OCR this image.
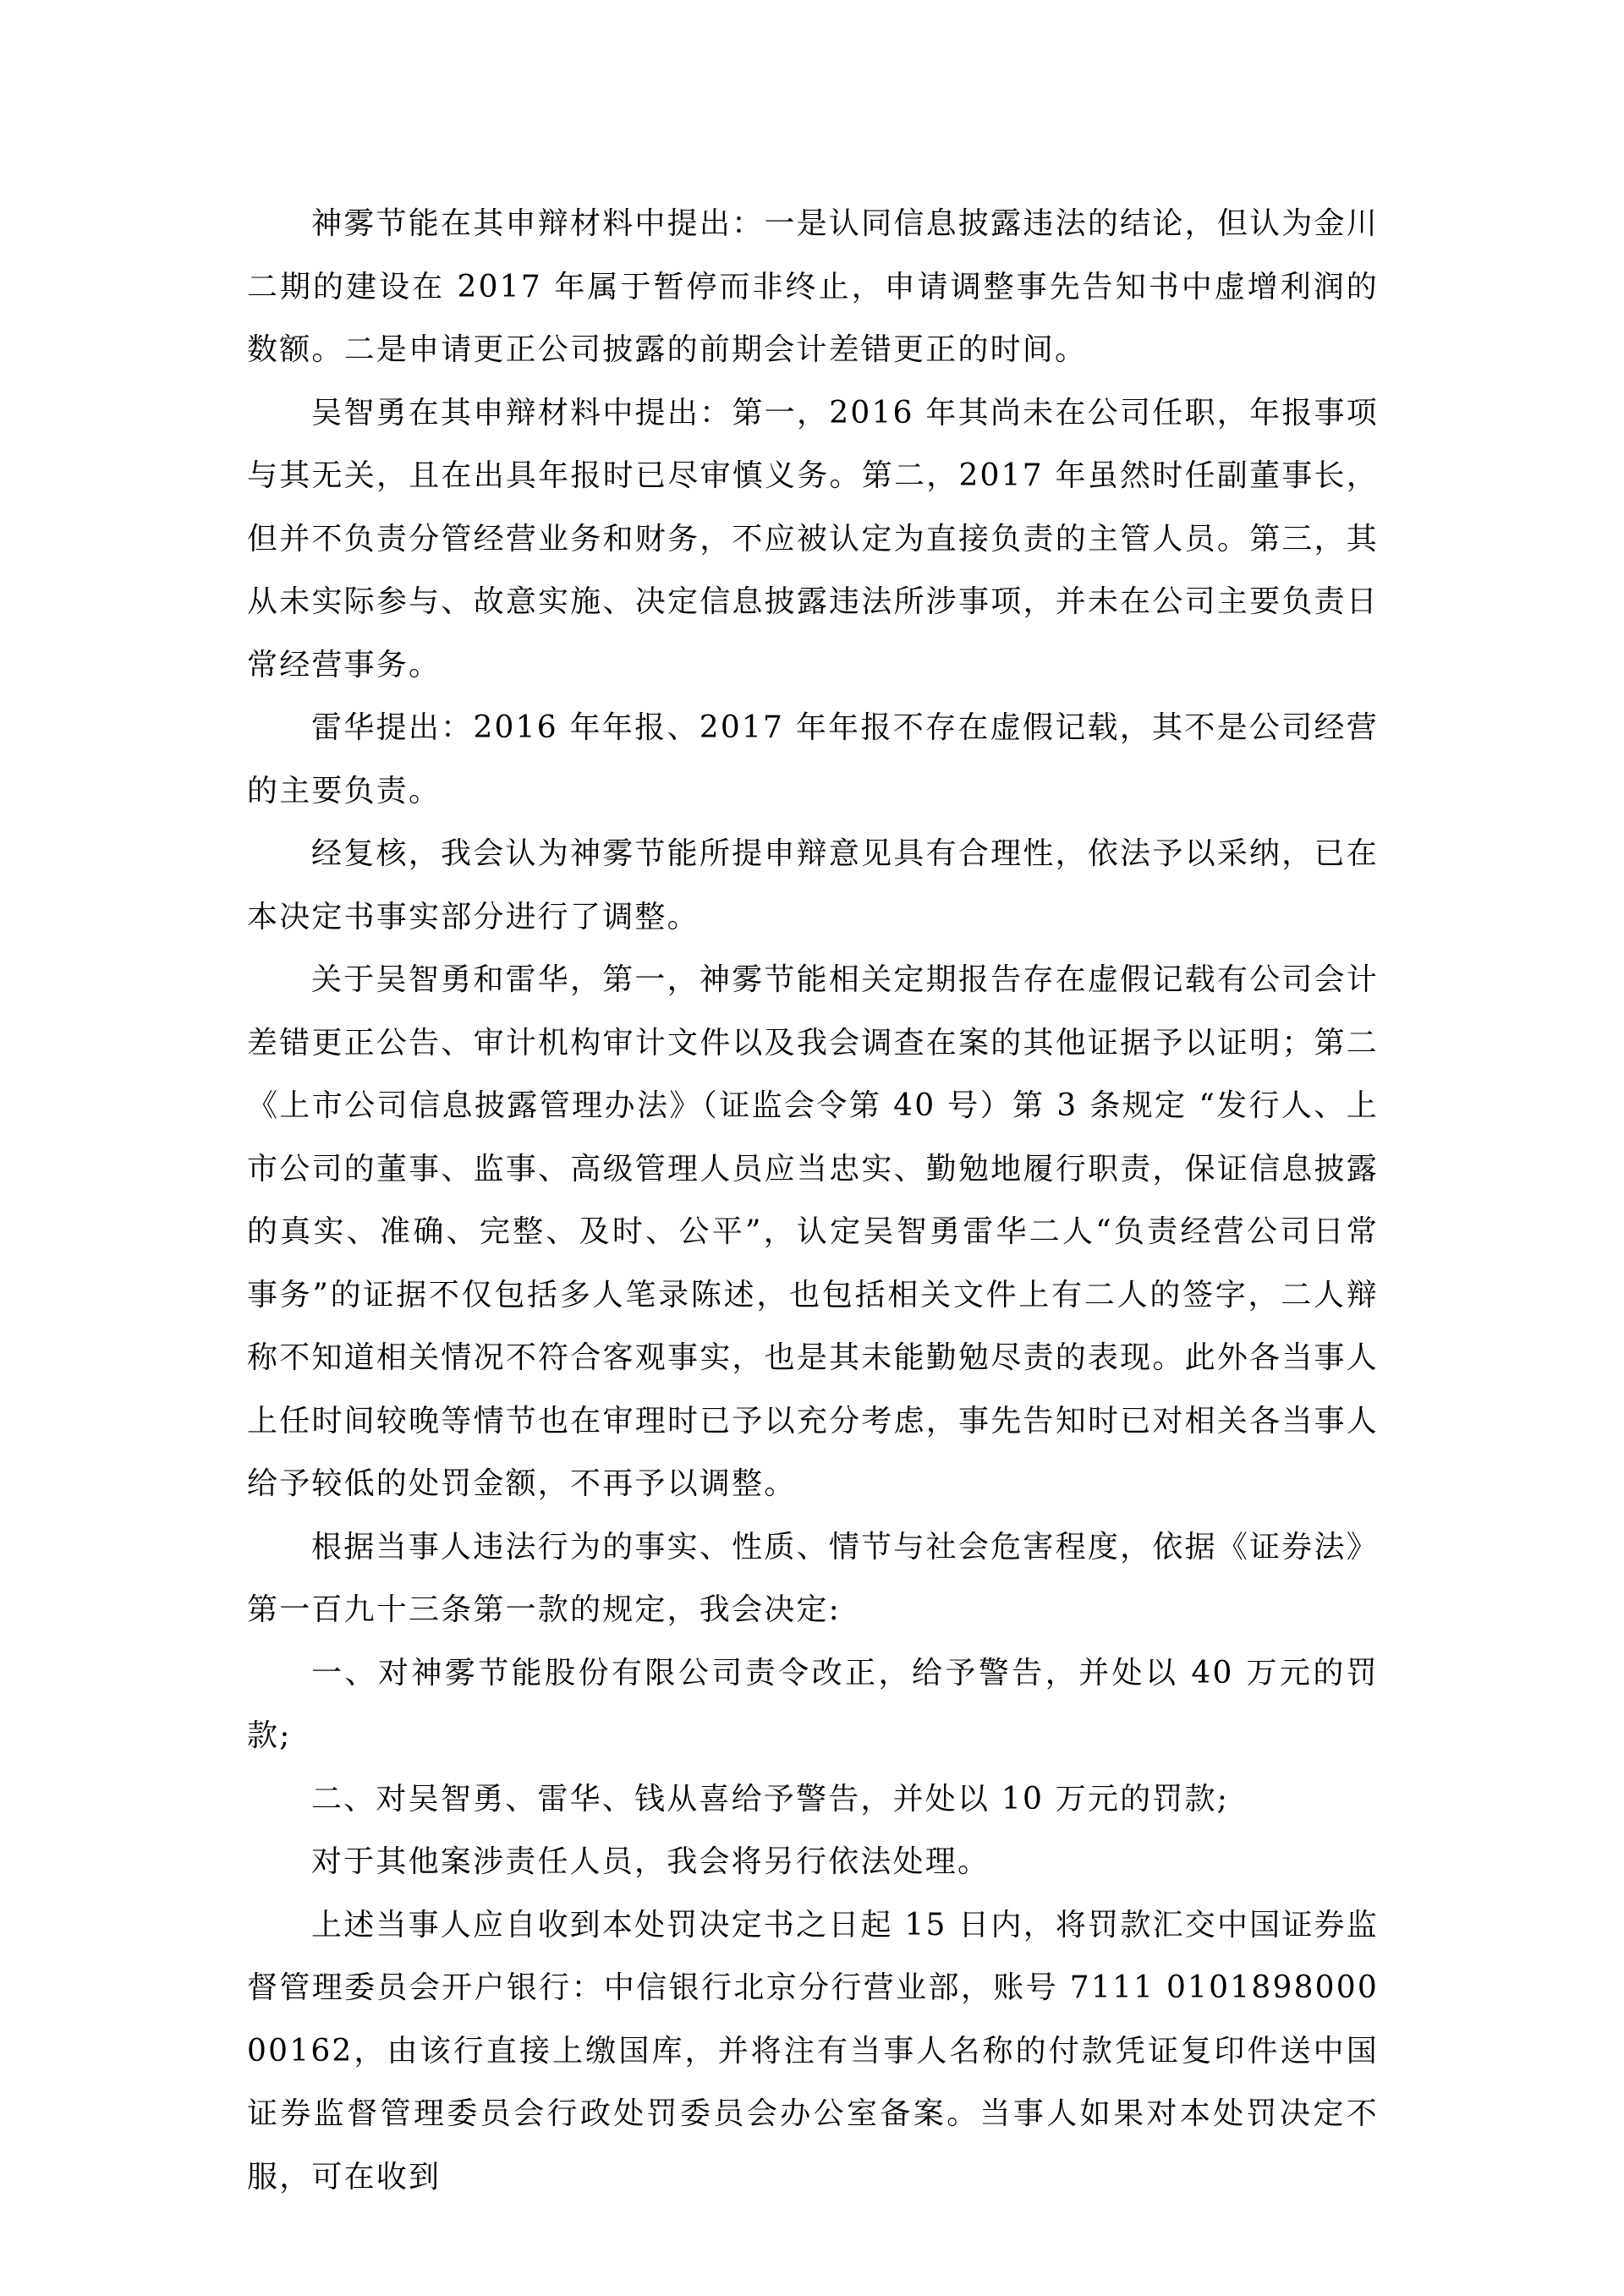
神雾节能在其申辩材料中提出：一是认同信息披露违法的结论，但认为金川二期的建设在 2017 年属于暂停而非终止，申请调整事先告知书中虚增利润的数额。二是申请更正公司披露的前期会计差错更正的时间。

吴智勇在其申辩材料中提出：第一，2016 年其尚未在公司任职，年报事项与其无关，且在出具年报时已尽审慎义务。第二，2017 年虽然时任副董事长，但并不负责分管经营业务和财务，不应被认定为直接负责的主管人员。第三，其从未实际参与、故意实施、决定信息披露违法所涉事项，并未在公司主要负责日常经营事务。

雷华提出：2016 年年报、2017 年年报不存在虚假记载，其不是公司经营的主要负责。

经复核，我会认为神雾节能所提申辩意见具有合理性，依法予以采纳，已在本决定书事实部分进行了调整。

关于吴智勇和雷华，第一，神雾节能相关定期报告存在虚假记载有公司会计差错更正公告、审计机构审计文件以及我会调查在案的其他证据予以证明；第二《上市公司信息披露管理办法》（证监会令第 40 号）第 3 条规定 “发行人、上市公司的董事、监事、高级管理人员应当忠实、勤勉地履行职责，保证信息披露的真实、准确、完整、及时、公平”，认定吴智勇雷华二人“负责经营公司日常事务”的证据不仅包括多人笔录陈述，也包括相关文件上有二人的签字，二人辩称不知道相关情况不符合客观事实，也是其未能勤勉尽责的表现。此外各当事人上任时间较晚等情节也在审理时已予以充分考虑，事先告知时已对相关各当事人给予较低的处罚金额，不再予以调整。

根据当事人违法行为的事实、性质、情节与社会危害程度，依据《证券法》第一百九十三条第一款的规定，我会决定:

一、对神雾节能股份有限公司责令改正，给予警告，并处以 40 万元的罚款;

二、对吴智勇、雷华、钱从喜给予警告，并处以 10 万元的罚款;

对于其他案涉责任人员，我会将另行依法处理。

上述当事人应自收到本处罚决定书之日起 15 日内，将罚款汇交中国证券监督管理委员会开户银行：中信银行北京分行营业部，账号 7111 010189800000162，由该行直接上缴国库，并将注有当事人名称的付款凭证复印件送中国证券监督管理委员会行政处罚委员会办公室备案。当事人如果对本处罚决定不服，可在收到
